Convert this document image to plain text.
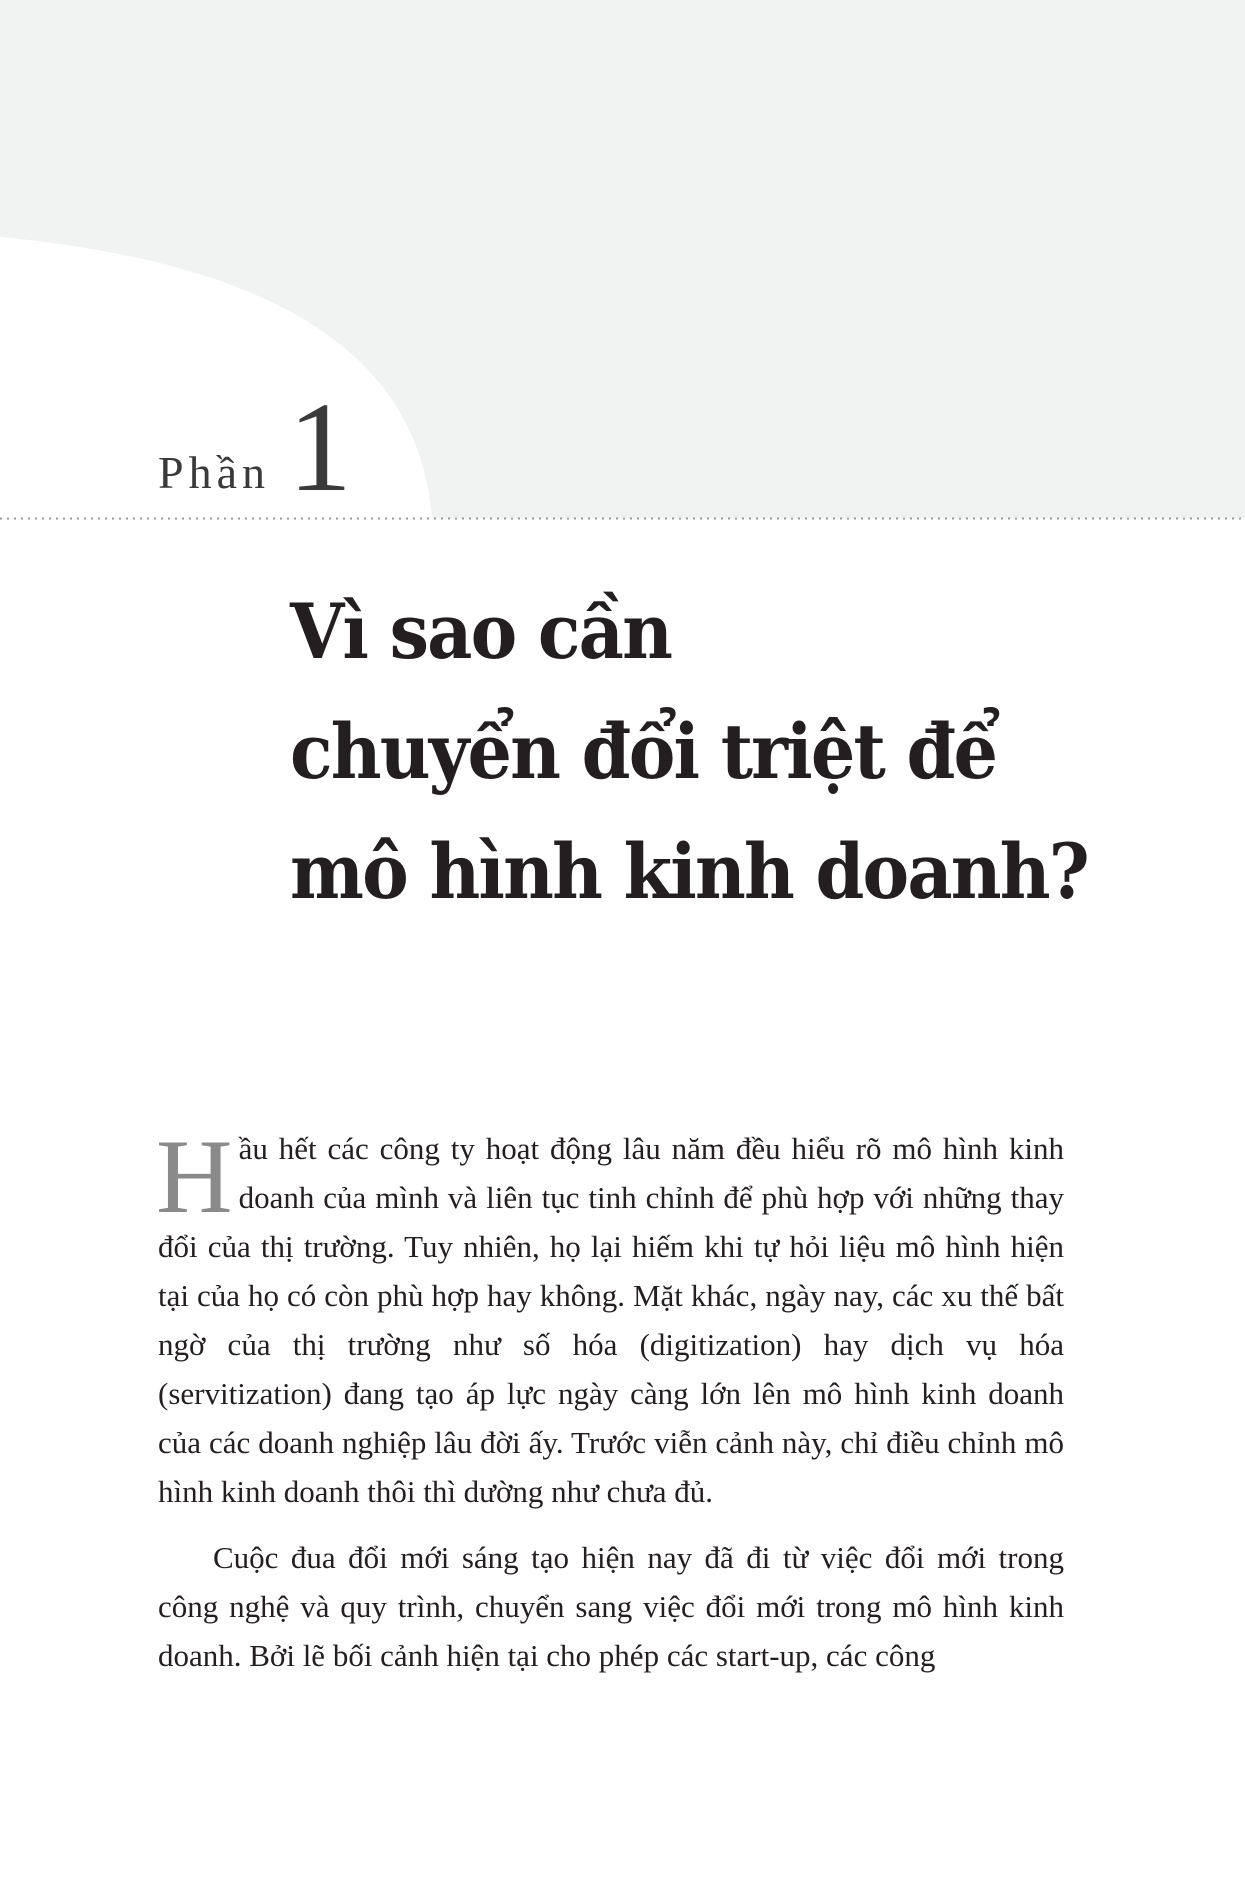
Phần 1
Vì sao cần
chuyển đổi triệt để
mô hình kinh doanh?

Hầu hết các công ty hoạt động lâu năm đều hiểu rõ mô hình kinh doanh của mình và liên tục tinh chỉnh để phù hợp với những thay đổi của thị trường. Tuy nhiên, họ lại hiếm khi tự hỏi liệu mô hình hiện tại của họ có còn phù hợp hay không. Mặt khác, ngày nay, các xu thế bất ngờ của thị trường như số hóa (digitization) hay dịch vụ hóa (servitization) đang tạo áp lực ngày càng lớn lên mô hình kinh doanh của các doanh nghiệp lâu đời ấy. Trước viễn cảnh này, chỉ điều chỉnh mô hình kinh doanh thôi thì dường như chưa đủ.

Cuộc đua đổi mới sáng tạo hiện nay đã đi từ việc đổi mới trong công nghệ và quy trình, chuyển sang việc đổi mới trong mô hình kinh doanh. Bởi lẽ bối cảnh hiện tại cho phép các start-up, các công
